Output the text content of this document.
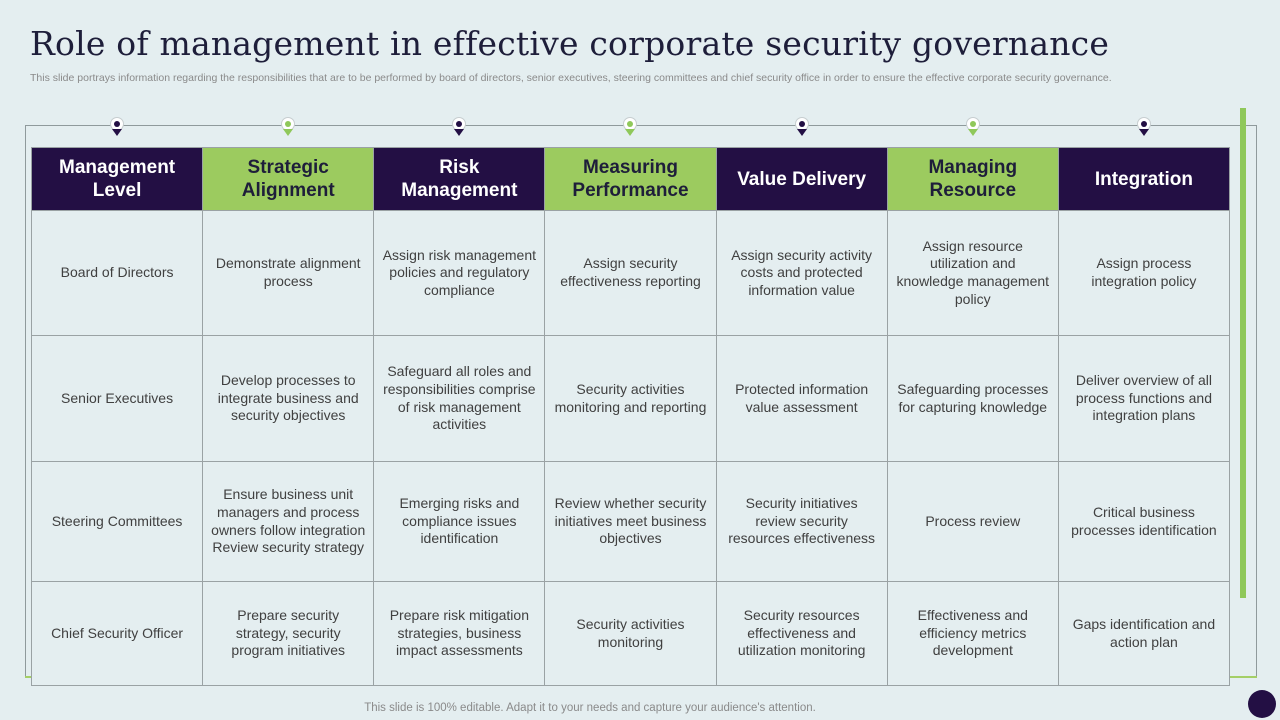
Role of management in effective corporate security governance
This slide portrays information regarding the responsibilities that are to be performed by board of directors, senior executives, steering committees and chief security office in order to ensure the effective corporate security governance.
Management Level
Strategic Alignment
Risk Management
Measuring Performance
Value Delivery
Managing Resource
Integration
Board of Directors
Demonstrate alignment process
Assign risk management policies and regulatory compliance
Assign security effectiveness reporting
Assign security activity costs and protected information value
Assign resource utilization and knowledge management policy
Assign process integration policy
Senior Executives
Develop processes to integrate business and security objectives
Safeguard all roles and responsibilities comprise of risk management activities
Security activities monitoring and reporting
Protected information value assessment
Safeguarding processes for capturing knowledge
Deliver overview of all process functions and integration plans
Steering Committees
Ensure business unit managers and process owners follow integration
Review security strategy
Emerging risks and compliance issues identification
Review whether security initiatives meet business objectives
Security initiatives review security resources effectiveness
Process review
Critical business processes identification
Chief Security Officer
Prepare security strategy, security program initiatives
Prepare risk mitigation strategies, business impact assessments
Security activities monitoring
Security resources effectiveness and utilization monitoring
Effectiveness and efficiency metrics development
Gaps identification and action plan
This slide is 100% editable. Adapt it to your needs and capture your audience's attention.
